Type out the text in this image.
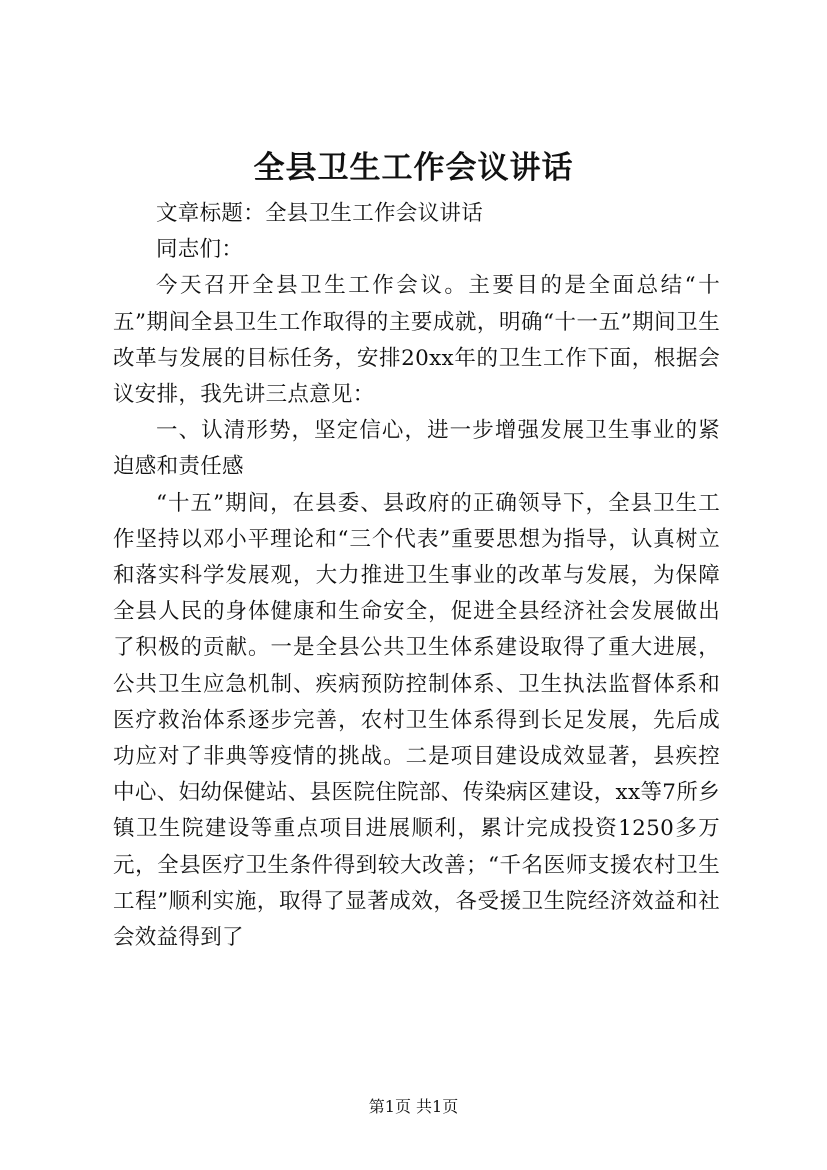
全县卫生工作会议讲话

文章标题：全县卫生工作会议讲话

同志们：

今天召开全县卫生工作会议。主要目的是全面总结“十五”期间全县卫生工作取得的主要成就，明确“十一五”期间卫生改革与发展的目标任务，安排20xx年的卫生工作下面，根据会议安排，我先讲三点意见：

一、认清形势，坚定信心，进一步增强发展卫生事业的紧迫感和责任感

“十五”期间，在县委、县政府的正确领导下，全县卫生工作坚持以邓小平理论和“三个代表”重要思想为指导，认真树立和落实科学发展观，大力推进卫生事业的改革与发展，为保障全县人民的身体健康和生命安全，促进全县经济社会发展做出了积极的贡献。一是全县公共卫生体系建设取得了重大进展，公共卫生应急机制、疾病预防控制体系、卫生执法监督体系和医疗救治体系逐步完善，农村卫生体系得到长足发展，先后成功应对了非典等疫情的挑战。二是项目建设成效显著，县疾控中心、妇幼保健站、县医院住院部、传染病区建设，xx等7所乡镇卫生院建设等重点项目进展顺利，累计完成投资1250多万元，全县医疗卫生条件得到较大改善；“千名医师支援农村卫生工程”顺利实施，取得了显著成效，各受援卫生院经济效益和社会效益得到了

第1页 共1页
